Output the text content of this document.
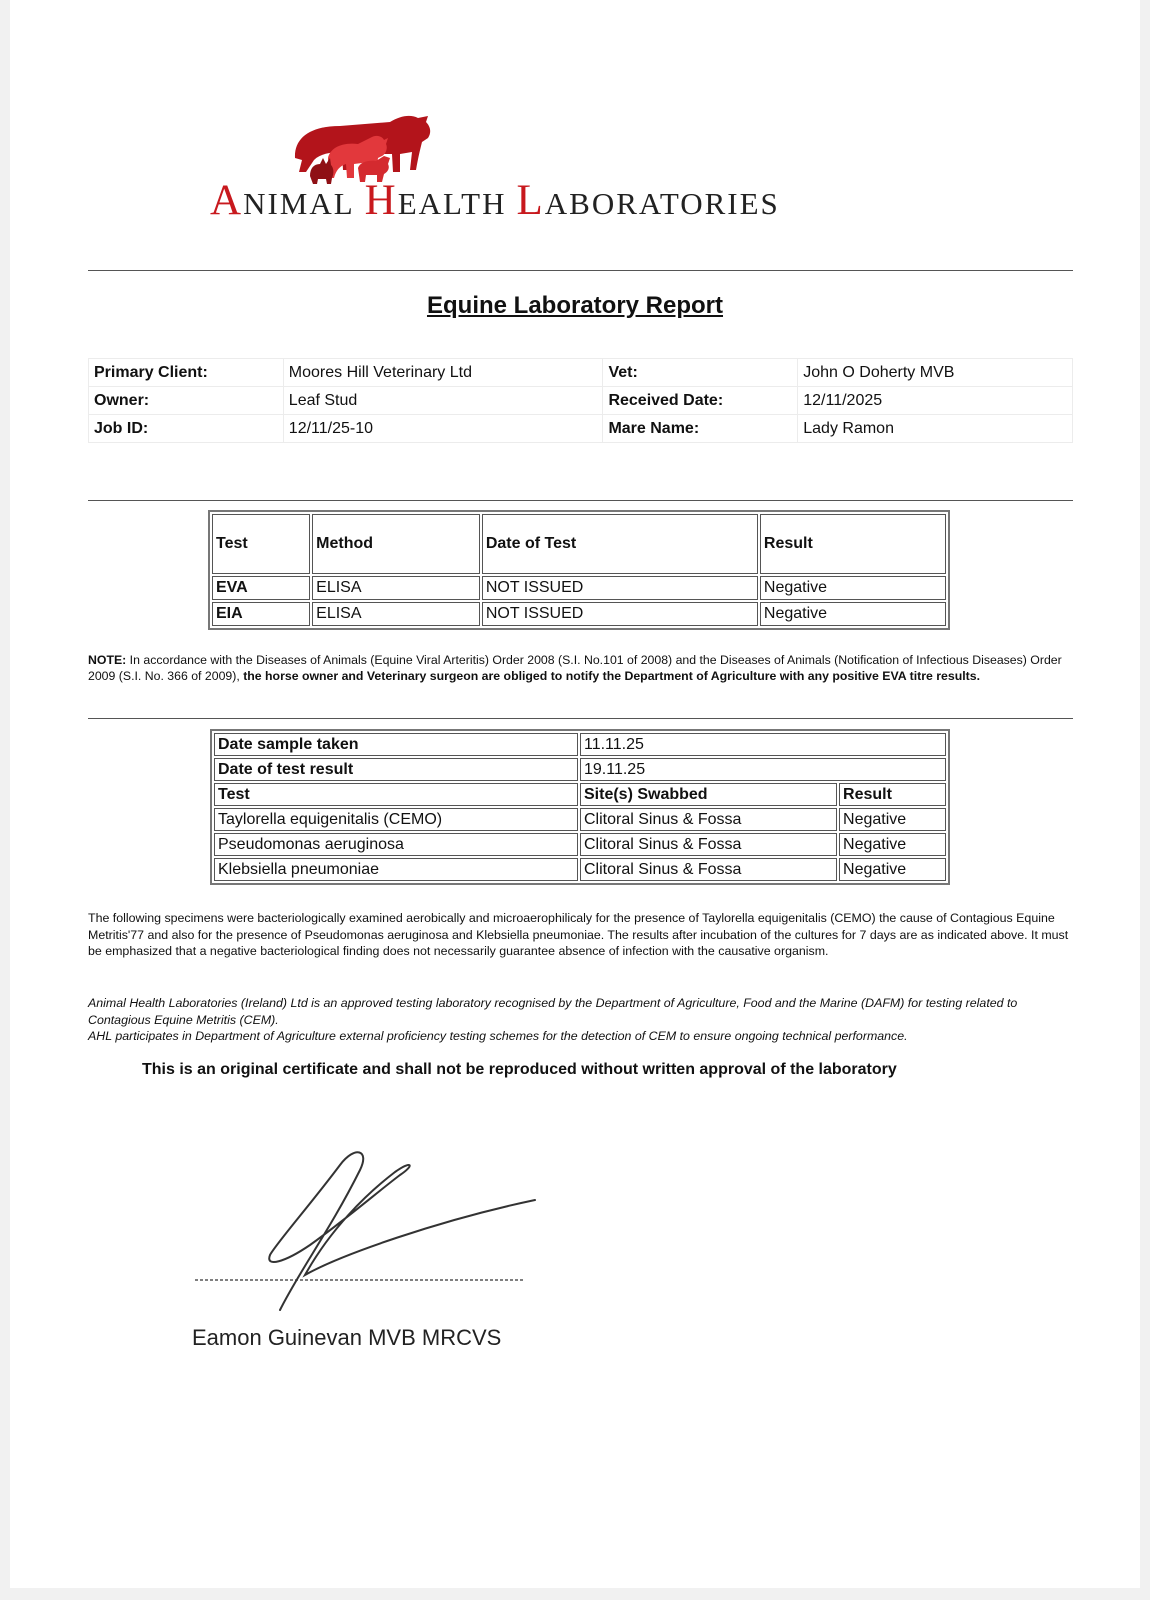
ANIMAL HEALTH LABORATORIES
Equine Laboratory Report
Primary Client:	Moores Hill Veterinary Ltd	Vet:	John O Doherty MVB
Owner:	Leaf Stud	Received Date:	12/11/2025
Job ID:	12/11/25-10	Mare Name:	Lady Ramon
Test	Method	Date of Test	Result
EVA	ELISA	NOT ISSUED	Negative
EIA	ELISA	NOT ISSUED	Negative
NOTE: In accordance with the Diseases of Animals (Equine Viral Arteritis) Order 2008 (S.I. No.101 of 2008) and the Diseases of Animals (Notification of Infectious Diseases) Order 2009 (S.I. No. 366 of 2009), the horse owner and Veterinary surgeon are obliged to notify the Department of Agriculture with any positive EVA titre results.
Date sample taken	11.11.25	
Date of test result	19.11.25	
Test	Site(s) Swabbed	Result
Taylorella equigenitalis (CEMO)	Clitoral Sinus & Fossa	Negative
Pseudomonas aeruginosa	Clitoral Sinus & Fossa	Negative
Klebsiella pneumoniae	Clitoral Sinus & Fossa	Negative
The following specimens were bacteriologically examined aerobically and microaerophilicaly for the presence of Taylorella equigenitalis (CEMO) the cause of Contagious Equine Metritis'77 and also for the presence of Pseudomonas aeruginosa and Klebsiella pneumoniae. The results after incubation of the cultures for 7 days are as indicated above. It must be emphasized that a negative bacteriological finding does not necessarily guarantee absence of infection with the causative organism.
Animal Health Laboratories (Ireland) Ltd is an approved testing laboratory recognised by the Department of Agriculture, Food and the Marine (DAFM) for testing related to Contagious Equine Metritis (CEM).
AHL participates in Department of Agriculture external proficiency testing schemes for the detection of CEM to ensure ongoing technical performance.
This is an original certificate and shall not be reproduced without written approval of the laboratory
Eamon Guinevan MVB MRCVS
